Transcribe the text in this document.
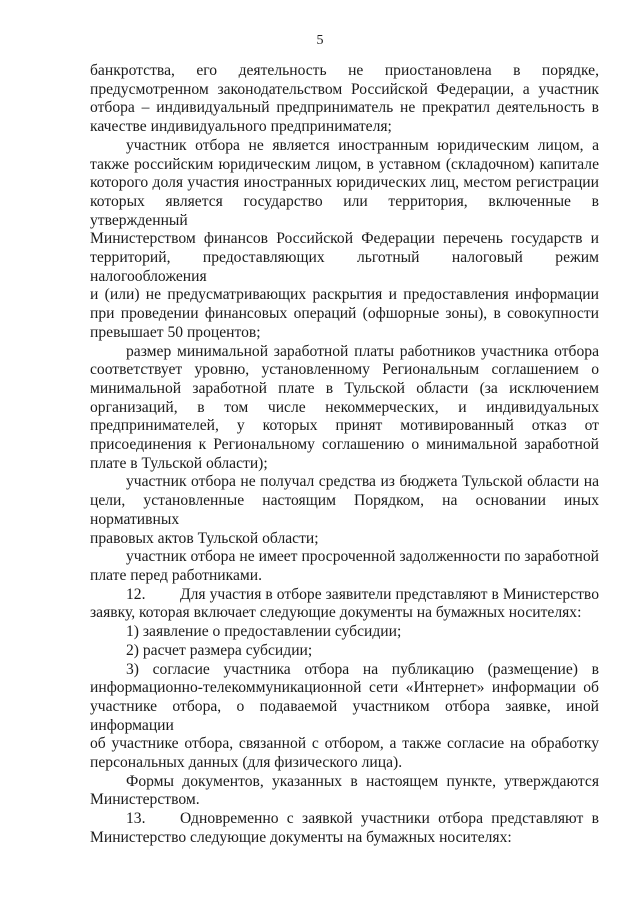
5
банкротства, его деятельность не приостановлена в порядке,
предусмотренном законодательством Российской Федерации, а участник
отбора – индивидуальный предприниматель не прекратил деятельность в
качестве индивидуального предпринимателя;
участник отбора не является иностранным юридическим лицом, а
также российским юридическим лицом, в уставном (складочном) капитале
которого доля участия иностранных юридических лиц, местом регистрации
которых является государство или территория, включенные в утвержденный
Министерством финансов Российской Федерации перечень государств и
территорий, предоставляющих льготный налоговый режим налогообложения
и (или) не предусматривающих раскрытия и предоставления информации
при проведении финансовых операций (офшорные зоны), в совокупности
превышает 50 процентов;
размер минимальной заработной платы работников участника отбора
соответствует уровню, установленному Региональным соглашением о
минимальной заработной плате в Тульской области (за исключением
организаций, в том числе некоммерческих, и индивидуальных
предпринимателей, у которых принят мотивированный отказ от
присоединения к Региональному соглашению о минимальной заработной
плате в Тульской области);
участник отбора не получал средства из бюджета Тульской области на
цели, установленные настоящим Порядком, на основании иных нормативных
правовых актов Тульской области;
участник отбора не имеет просроченной задолженности по заработной
плате перед работниками.
12. Для участия в отборе заявители представляют в Министерство
заявку, которая включает следующие документы на бумажных носителях:
1) заявление о предоставлении субсидии;
2) расчет размера субсидии;
3) согласие участника отбора на публикацию (размещение) в
информационно-телекоммуникационной сети «Интернет» информации об
участнике отбора, о подаваемой участником отбора заявке, иной информации
об участнике отбора, связанной с отбором, а также согласие на обработку
персональных данных (для физического лица).
Формы документов, указанных в настоящем пункте, утверждаются
Министерством.
13. Одновременно с заявкой участники отбора представляют в
Министерство следующие документы на бумажных носителях:
